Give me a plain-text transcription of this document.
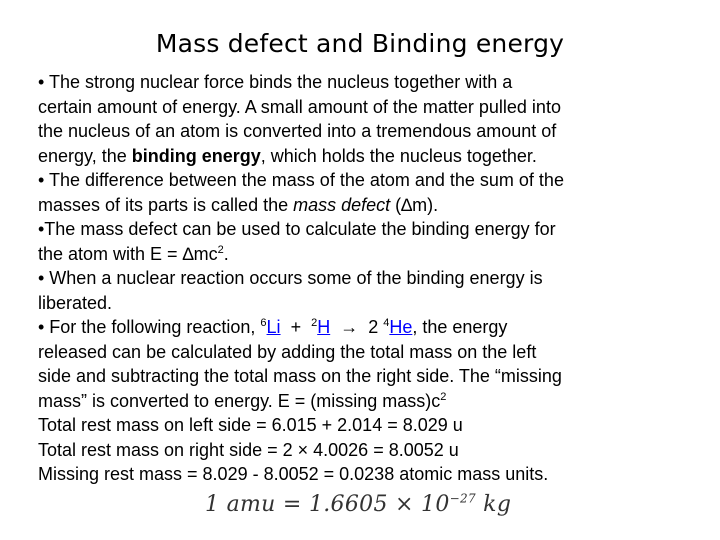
Mass defect and Binding energy
• The strong nuclear force binds the nucleus together with a
certain amount of energy. A small amount of the matter pulled into
the nucleus of an atom is converted into a tremendous amount of
energy, the binding energy, which holds the nucleus together.
• The difference between the mass of the atom and the sum of the
masses of its parts is called the mass defect (∆m).
•The mass defect can be used to calculate the binding energy for
the atom with $E = \Delta mc^2$.
• When a nuclear reaction occurs some of the binding energy is
liberated.
• For the following reaction, $^6$Li  +  $^2$H  →  2 $^4$He, the energy
released can be calculated by adding the total mass on the left
side and subtracting the total mass on the right side. The “missing
mass” is converted to energy. E = (missing $mass)c^2$
Total rest mass on left side = 6.015 + 2.014 = 8.029 u
Total rest mass on right side = 2 × 4.0026 = 8.0052 u
Missing rest mass = 8.029 - 8.0052 = 0.0238 atomic mass units.
1 amu = $1.6605 \times 10^{-27}$ kg
